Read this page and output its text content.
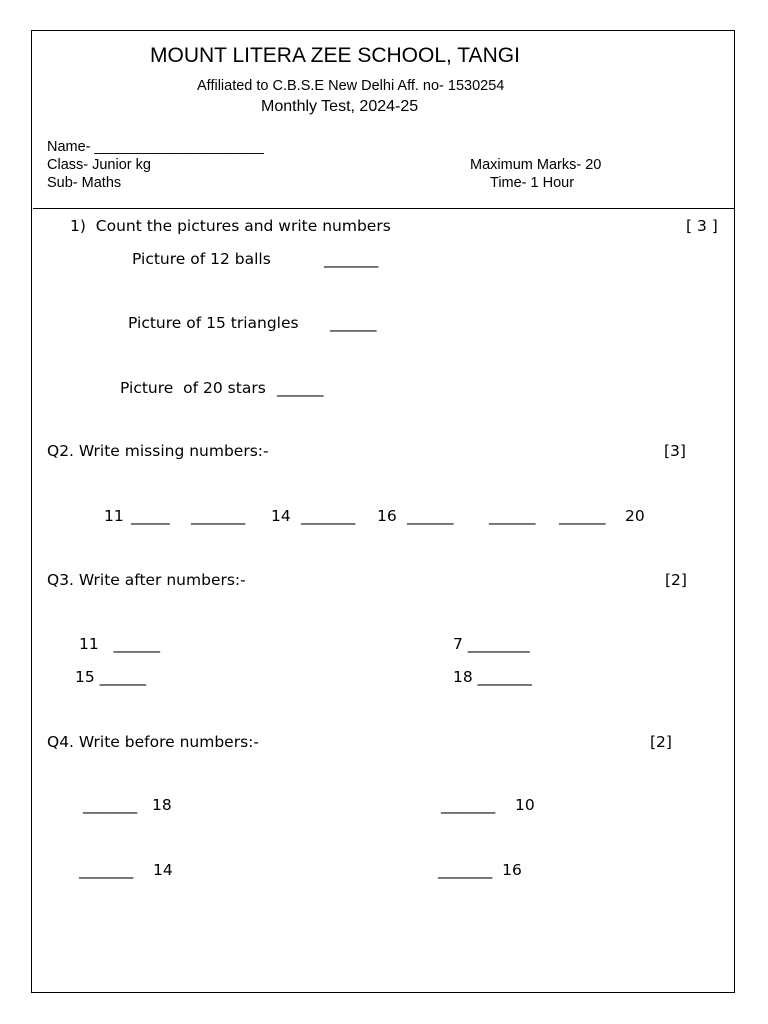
MOUNT LITERA ZEE SCHOOL, TANGI
Affiliated to C.B.S.E New Delhi Aff. no- 1530254
Monthly Test, 2024-25
Name- _____________________
Class- Junior kg
Sub- Maths
Maximum Marks- 20
Time- 1 Hour
1)  Count the pictures and write numbers	[ 3 ]
Picture of 12 balls	_______
Picture of 15 triangles ______
Picture  of 20 stars ______
Q2. Write missing numbers:-	[3]
11 _____ _______ 14 _______ 16 ______ ______ ______ 20
Q3. Write after numbers:-	[2]
11   ______	7 ________
15 ______	18 _______
Q4. Write before numbers:-	[2]
_______   18	_______    10
_______    14	_______  16
